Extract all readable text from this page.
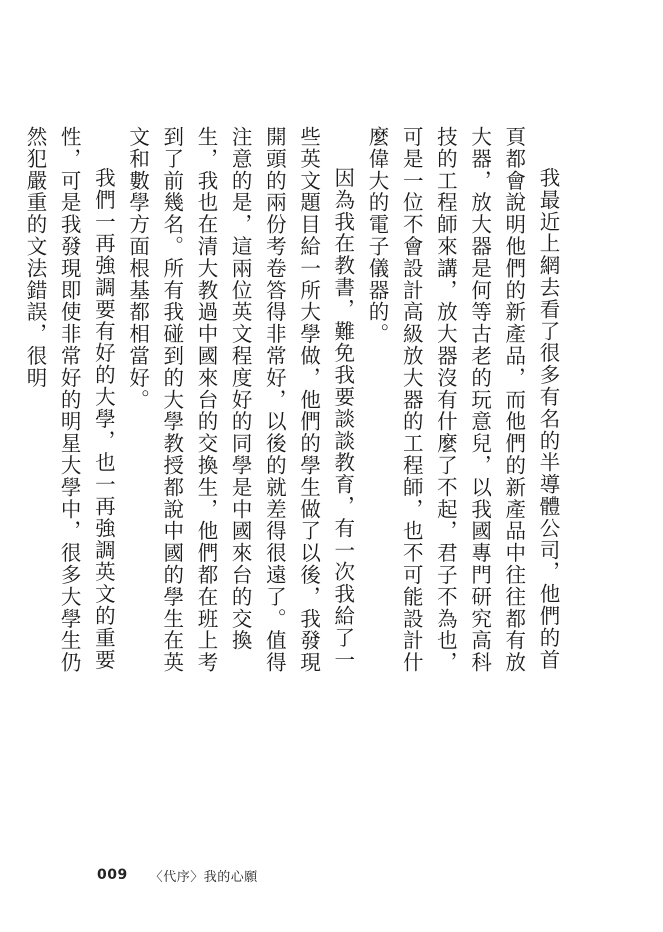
我最近上網去看了很多有名的半導體公司，他們的首頁都會說明他們的新產品，而他們的新產品中往往都有放大器，放大器是何等古老的玩意兒，以我國專門研究高科技的工程師來講，放大器沒有什麼了不起，君子不為也，可是一位不會設計高級放大器的工程師，也不可能設計什麼偉大的電子儀器的。

因為我在教書，難免我要談談教育，有一次我給了一些英文題目給一所大學做，他們的學生做了以後，我發現開頭的兩份考卷答得非常好，以後的就差得很遠了。值得注意的是，這兩位英文程度好的同學是中國來台的交換生，我也在清大教過中國來台的交換生，他們都在班上考到了前幾名。所有我碰到的大學教授都說中國的學生在英文和數學方面根基都相當好。

我們一再強調要有好的大學，也一再強調英文的重要性，可是我發現即使非常好的明星大學中，很多大學生仍然犯嚴重的文法錯誤，很明

009 〈代序〉我的心願
